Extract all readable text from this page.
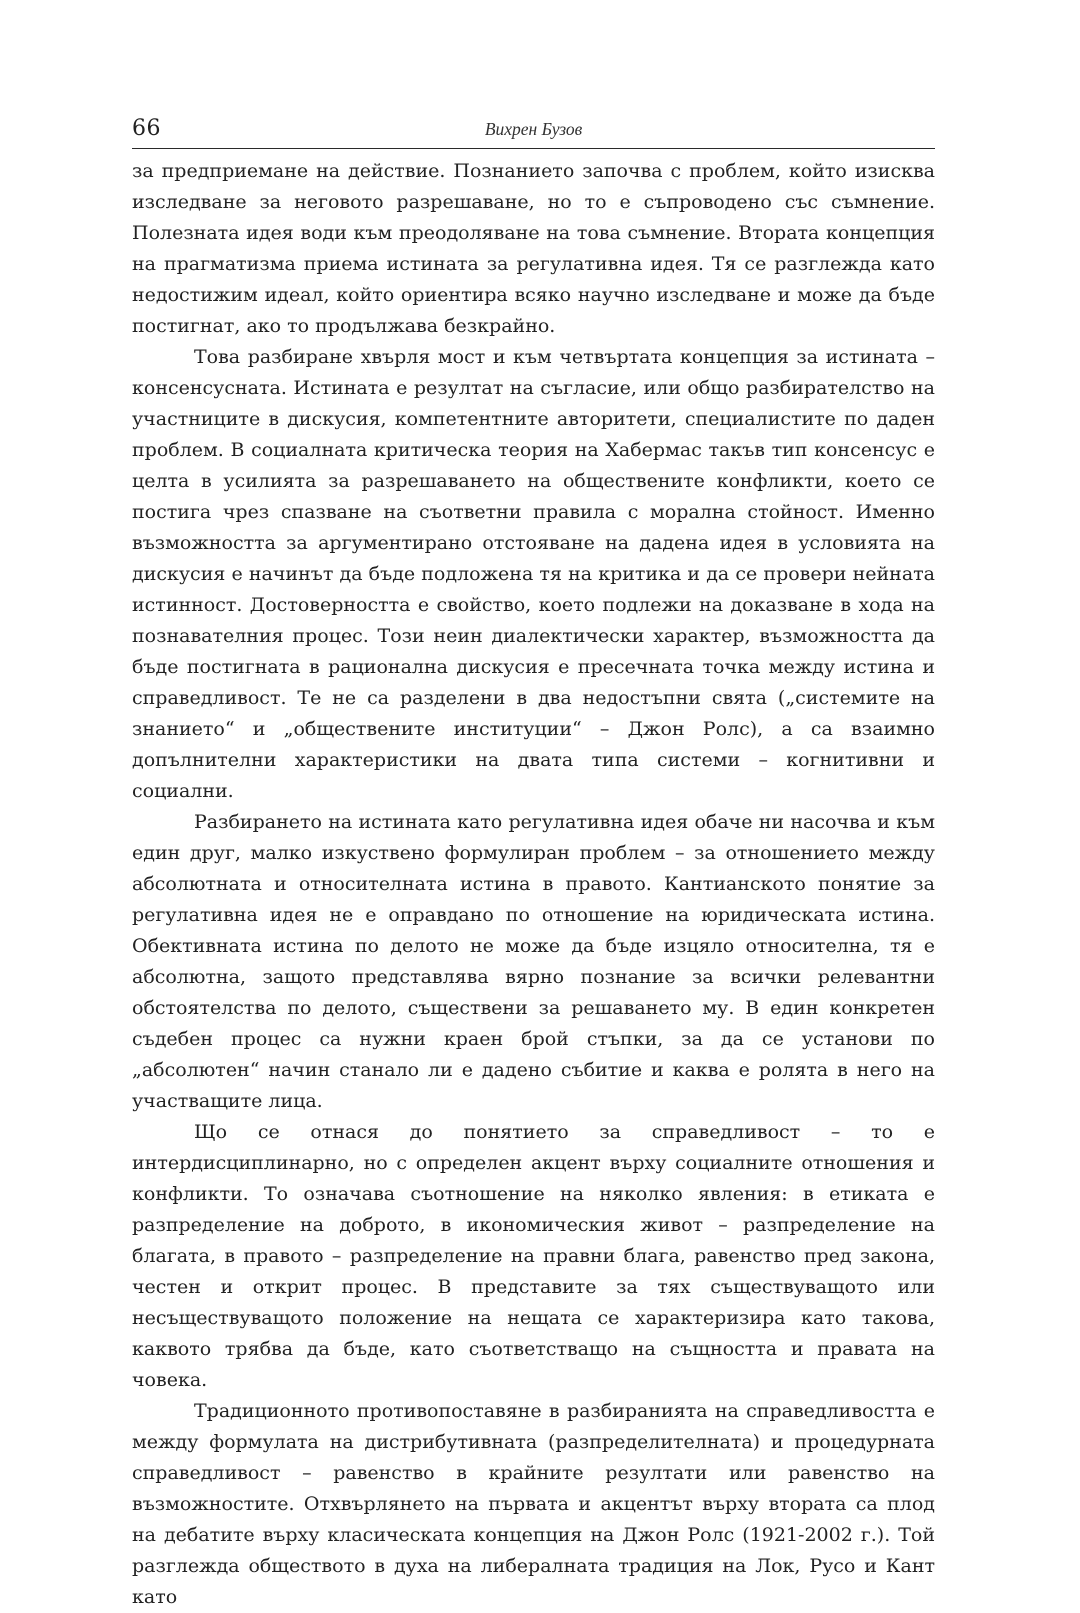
66	Вихрен Бузов

за предприемане на действие. Познанието започва с проблем, който изисква изследване за неговото разрешаване, но то е съпроводено със съмнение. Полезната идея води към преодоляване на това съмнение. Втората концепция на прагматизма приема истината за регулативна идея. Тя се разглежда като недостижим идеал, който ориентира всяко научно изследване и може да бъде постигнат, ако то продължава безкрайно.

Това разбиране хвърля мост и към четвъртата концепция за истината – консенсусната. Истината е резултат на съгласие, или общо разбирателство на участниците в дискусия, компетентните авторитети, специалистите по даден проблем. В социалната критическа теория на Хабермас такъв тип консенсус е целта в усилията за разрешаването на обществените конфликти, което се постига чрез спазване на съответни правила с морална стойност. Именно възможността за аргументирано отстояване на дадена идея в условията на дискусия е начинът да бъде подложена тя на критика и да се провери нейната истинност. Достоверността е свойство, което подлежи на доказване в хода на познавателния процес. Този неин диалектически характер, възможността да бъде постигната в рационална дискусия е пресечната точка между истина и справедливост. Те не са разделени в два недостъпни свята („системите на знанието“ и „обществените институции“ – Джон Ролс), а са взаимно допълнителни характеристики на двата типа системи – когнитивни и социални.

Разбирането на истината като регулативна идея обаче ни насочва и към един друг, малко изкуствено формулиран проблем – за отношението между абсолютната и относителната истина в правото. Кантианското понятие за регулативна идея не е оправдано по отношение на юридическата истина. Обективната истина по делото не може да бъде изцяло относителна, тя е абсолютна, защото представлява вярно познание за всички релевантни обстоятелства по делото, съществени за решаването му. В един конкретен съдебен процес са нужни краен брой стъпки, за да се установи по „абсолютен“ начин станало ли е дадено събитие и каква е ролята в него на участващите лица.

Що се отнася до понятието за справедливост – то е интердисциплинарно, но с определен акцент върху социалните отношения и конфликти. То означава съотношение на няколко явления: в етиката е разпределение на доброто, в икономическия живот – разпределение на благата, в правото – разпределение на правни блага, равенство пред закона, честен и открит процес. В представите за тях съществуващото или несъществуващото положение на нещата се характеризира като такова, каквото трябва да бъде, като съответстващо на същността и правата на човека.

Традиционното противопоставяне в разбиранията на справедливостта е между формулата на дистрибутивната (разпределителната) и процедурната справедливост – равенство в крайните резултати или равенство на възможностите. Отхвърлянето на първата и акцентът върху втората са плод на дебатите върху класическата концепция на Джон Ролс (1921-2002 г.). Той разглежда обществото в духа на либералната традиция на Лок, Русо и Кант като
